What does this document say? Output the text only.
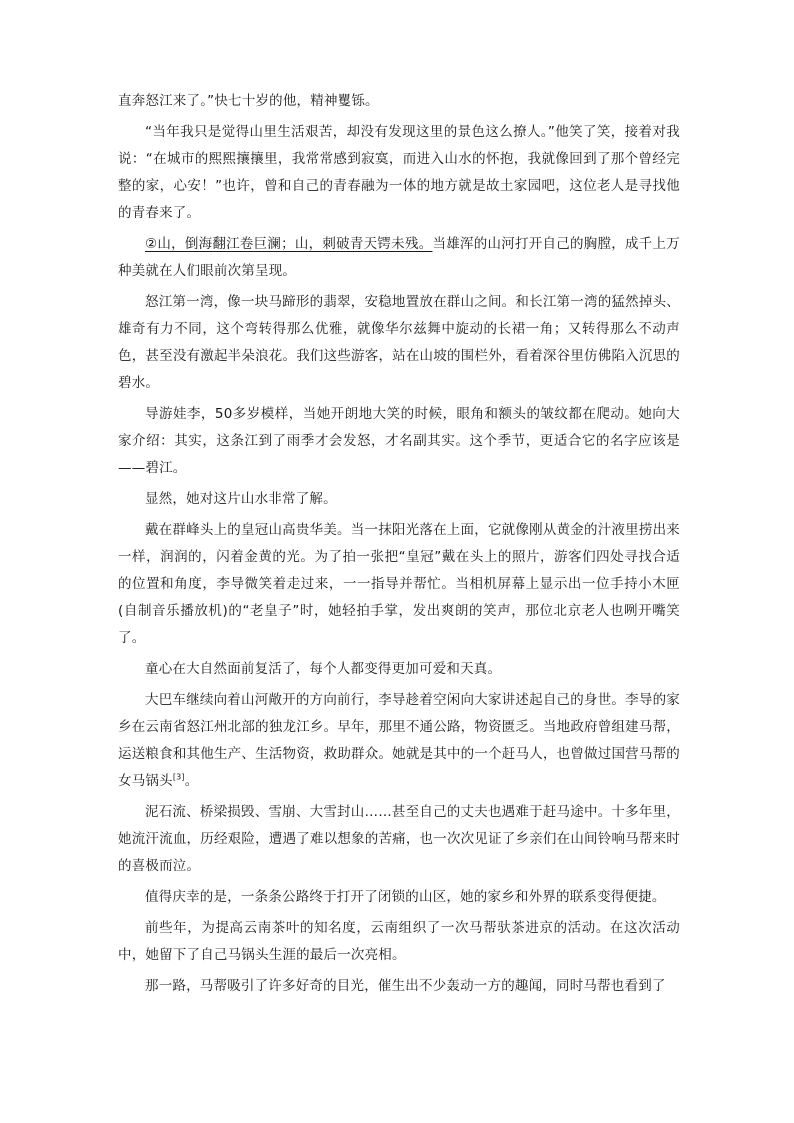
直奔怒江来了。”快七十岁的他，精神矍铄。

“当年我只是觉得山里生活艰苦，却没有发现这里的景色这么撩人。”他笑了笑，接着对我说：“在城市的熙熙攘攘里，我常常感到寂寞，而进入山水的怀抱，我就像回到了那个曾经完整的家，心安！”也许，曾和自己的青春融为一体的地方就是故土家园吧，这位老人是寻找他的青春来了。

②山，倒海翻江卷巨澜；山，刺破青天锷未残。当雄浑的山河打开自己的胸膛，成千上万种美就在人们眼前次第呈现。

怒江第一湾，像一块马蹄形的翡翠，安稳地置放在群山之间。和长江第一湾的猛然掉头、雄奇有力不同，这个弯转得那么优雅，就像华尔兹舞中旋动的长裙一角；又转得那么不动声色，甚至没有激起半朵浪花。我们这些游客，站在山坡的围栏外，看着深谷里仿佛陷入沉思的碧水。

导游娃李，50多岁模样，当她开朗地大笑的时候，眼角和额头的皱纹都在爬动。她向大家介绍：其实，这条江到了雨季才会发怒，才名副其实。这个季节，更适合它的名字应该是——碧江。

显然，她对这片山水非常了解。

戴在群峰头上的皇冠山高贵华美。当一抹阳光落在上面，它就像刚从黄金的汁液里捞出来一样，润润的，闪着金黄的光。为了拍一张把“皇冠”戴在头上的照片，游客们四处寻找合适的位置和角度，李导微笑着走过来，一一指导并帮忙。当相机屏幕上显示出一位手持小木匣(自制音乐播放机)的“老皇子”时，她轻拍手掌，发出爽朗的笑声，那位北京老人也咧开嘴笑了。

童心在大自然面前复活了，每个人都变得更加可爱和天真。

大巴车继续向着山河敞开的方向前行，李导趁着空闲向大家讲述起自己的身世。李导的家乡在云南省怒江州北部的独龙江乡。早年，那里不通公路，物资匮乏。当地政府曾组建马帮，运送粮食和其他生产、生活物资，救助群众。她就是其中的一个赶马人，也曾做过国营马帮的女马锅头[3]。

泥石流、桥梁损毁、雪崩、大雪封山……甚至自己的丈夫也遇难于赶马途中。十多年里，她流汗流血，历经艰险，遭遇了难以想象的苦痛，也一次次见证了乡亲们在山间铃响马帮来时的喜极而泣。

值得庆幸的是，一条条公路终于打开了闭锁的山区，她的家乡和外界的联系变得便捷。

前些年，为提高云南茶叶的知名度，云南组织了一次马帮驮茶进京的活动。在这次活动中，她留下了自己马锅头生涯的最后一次亮相。

那一路，马帮吸引了许多好奇的目光，催生出不少轰动一方的趣闻，同时马帮也看到了
